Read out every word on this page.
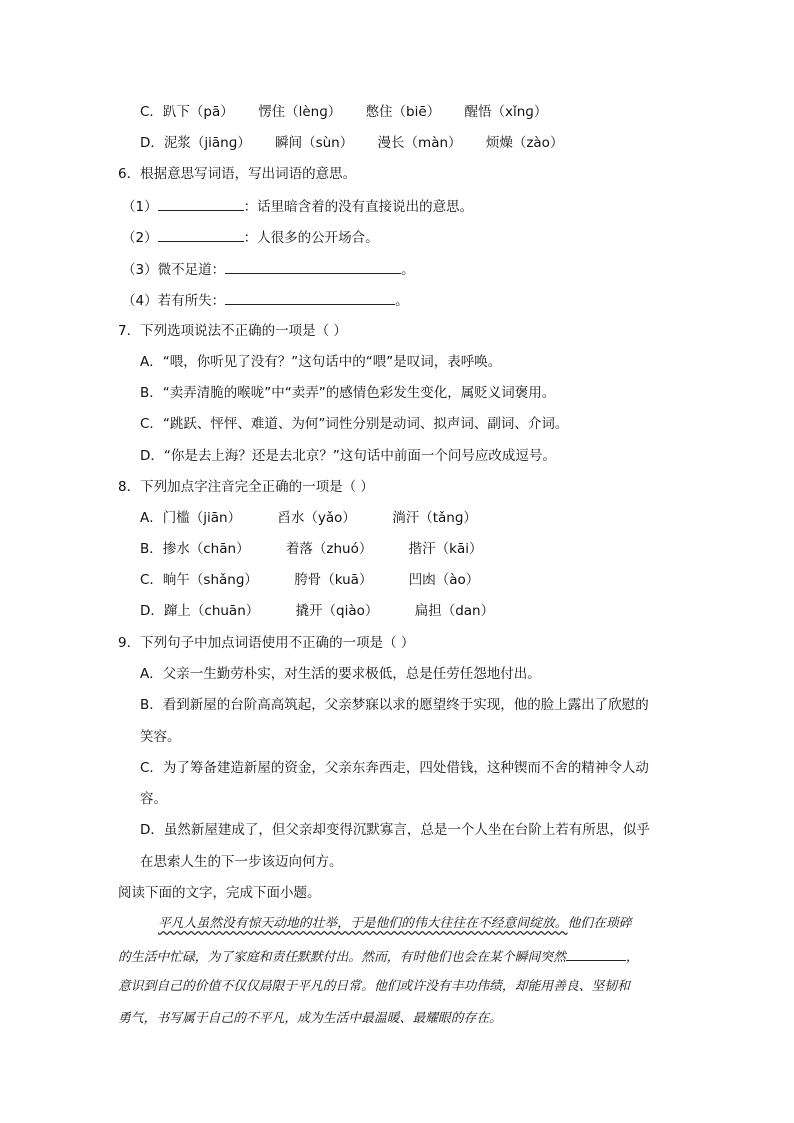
C．趴下（pā） 愣住（lènɡ） 憋住（biē） 醒悟（xǐnɡ）
D．泥浆（jiānɡ） 瞬间（sùn） 漫长（màn） 烦燥（zào）
6．根据意思写词语，写出词语的意思。
（1）	：话里暗含着的没有直接说出的意思。
（2）	：人很多的公开场合。
（3）微不足道：	。
（4）若有所失：	。
7．下列选项说法不正确的一项是（ ）
A．“喂，你听见了没有？”这句话中的“喂”是叹词，表呼唤。
B．“卖弄清脆的喉咙”中“卖弄”的感情色彩发生变化，属贬义词褒用。
C．“跳跃、怦怦、难道、为何”词性分别是动词、拟声词、副词、介词。
D．“你是去上海？还是去北京？”这句话中前面一个问号应改成逗号。
8．下列加点字注音完全正确的一项是（ ）
A．门槛（jiān）	舀水（yǎo）	淌汗（tǎnɡ）
B．掺水（chān）	着落（zhuó）	揩汗（kāi）
C．晌午（shǎnɡ）	胯骨（kuā）	凹凼（ào）
D．蹿上（chuān）	撬开（qiào）	扁担（dan）
9．下列句子中加点词语使用不正确的一项是（ ）
A．父亲一生勤劳朴实，对生活的要求极低，总是任劳任怨地付出。
B．看到新屋的台阶高高筑起，父亲梦寐以求的愿望终于实现，他的脸上露出了欣慰的
笑容。
C．为了筹备建造新屋的资金，父亲东奔西走，四处借钱，这种锲而不舍的精神令人动
容。
D．虽然新屋建成了，但父亲却变得沉默寡言，总是一个人坐在台阶上若有所思，似乎
在思索人生的下一步该迈向何方。
阅读下面的文字，完成下面小题。
平凡人虽然没有惊天动地的壮举，于是他们的伟大往往在不经意间绽放。他们在琐碎
的生活中忙碌，为了家庭和责任默默付出。然而，有时他们也会在某个瞬间突然	，
意识到自己的价值不仅仅局限于平凡的日常。他们或许没有丰功伟绩，却能用善良、坚韧和
勇气，书写属于自己的不平凡，成为生活中最温暖、最耀眼的存在。
